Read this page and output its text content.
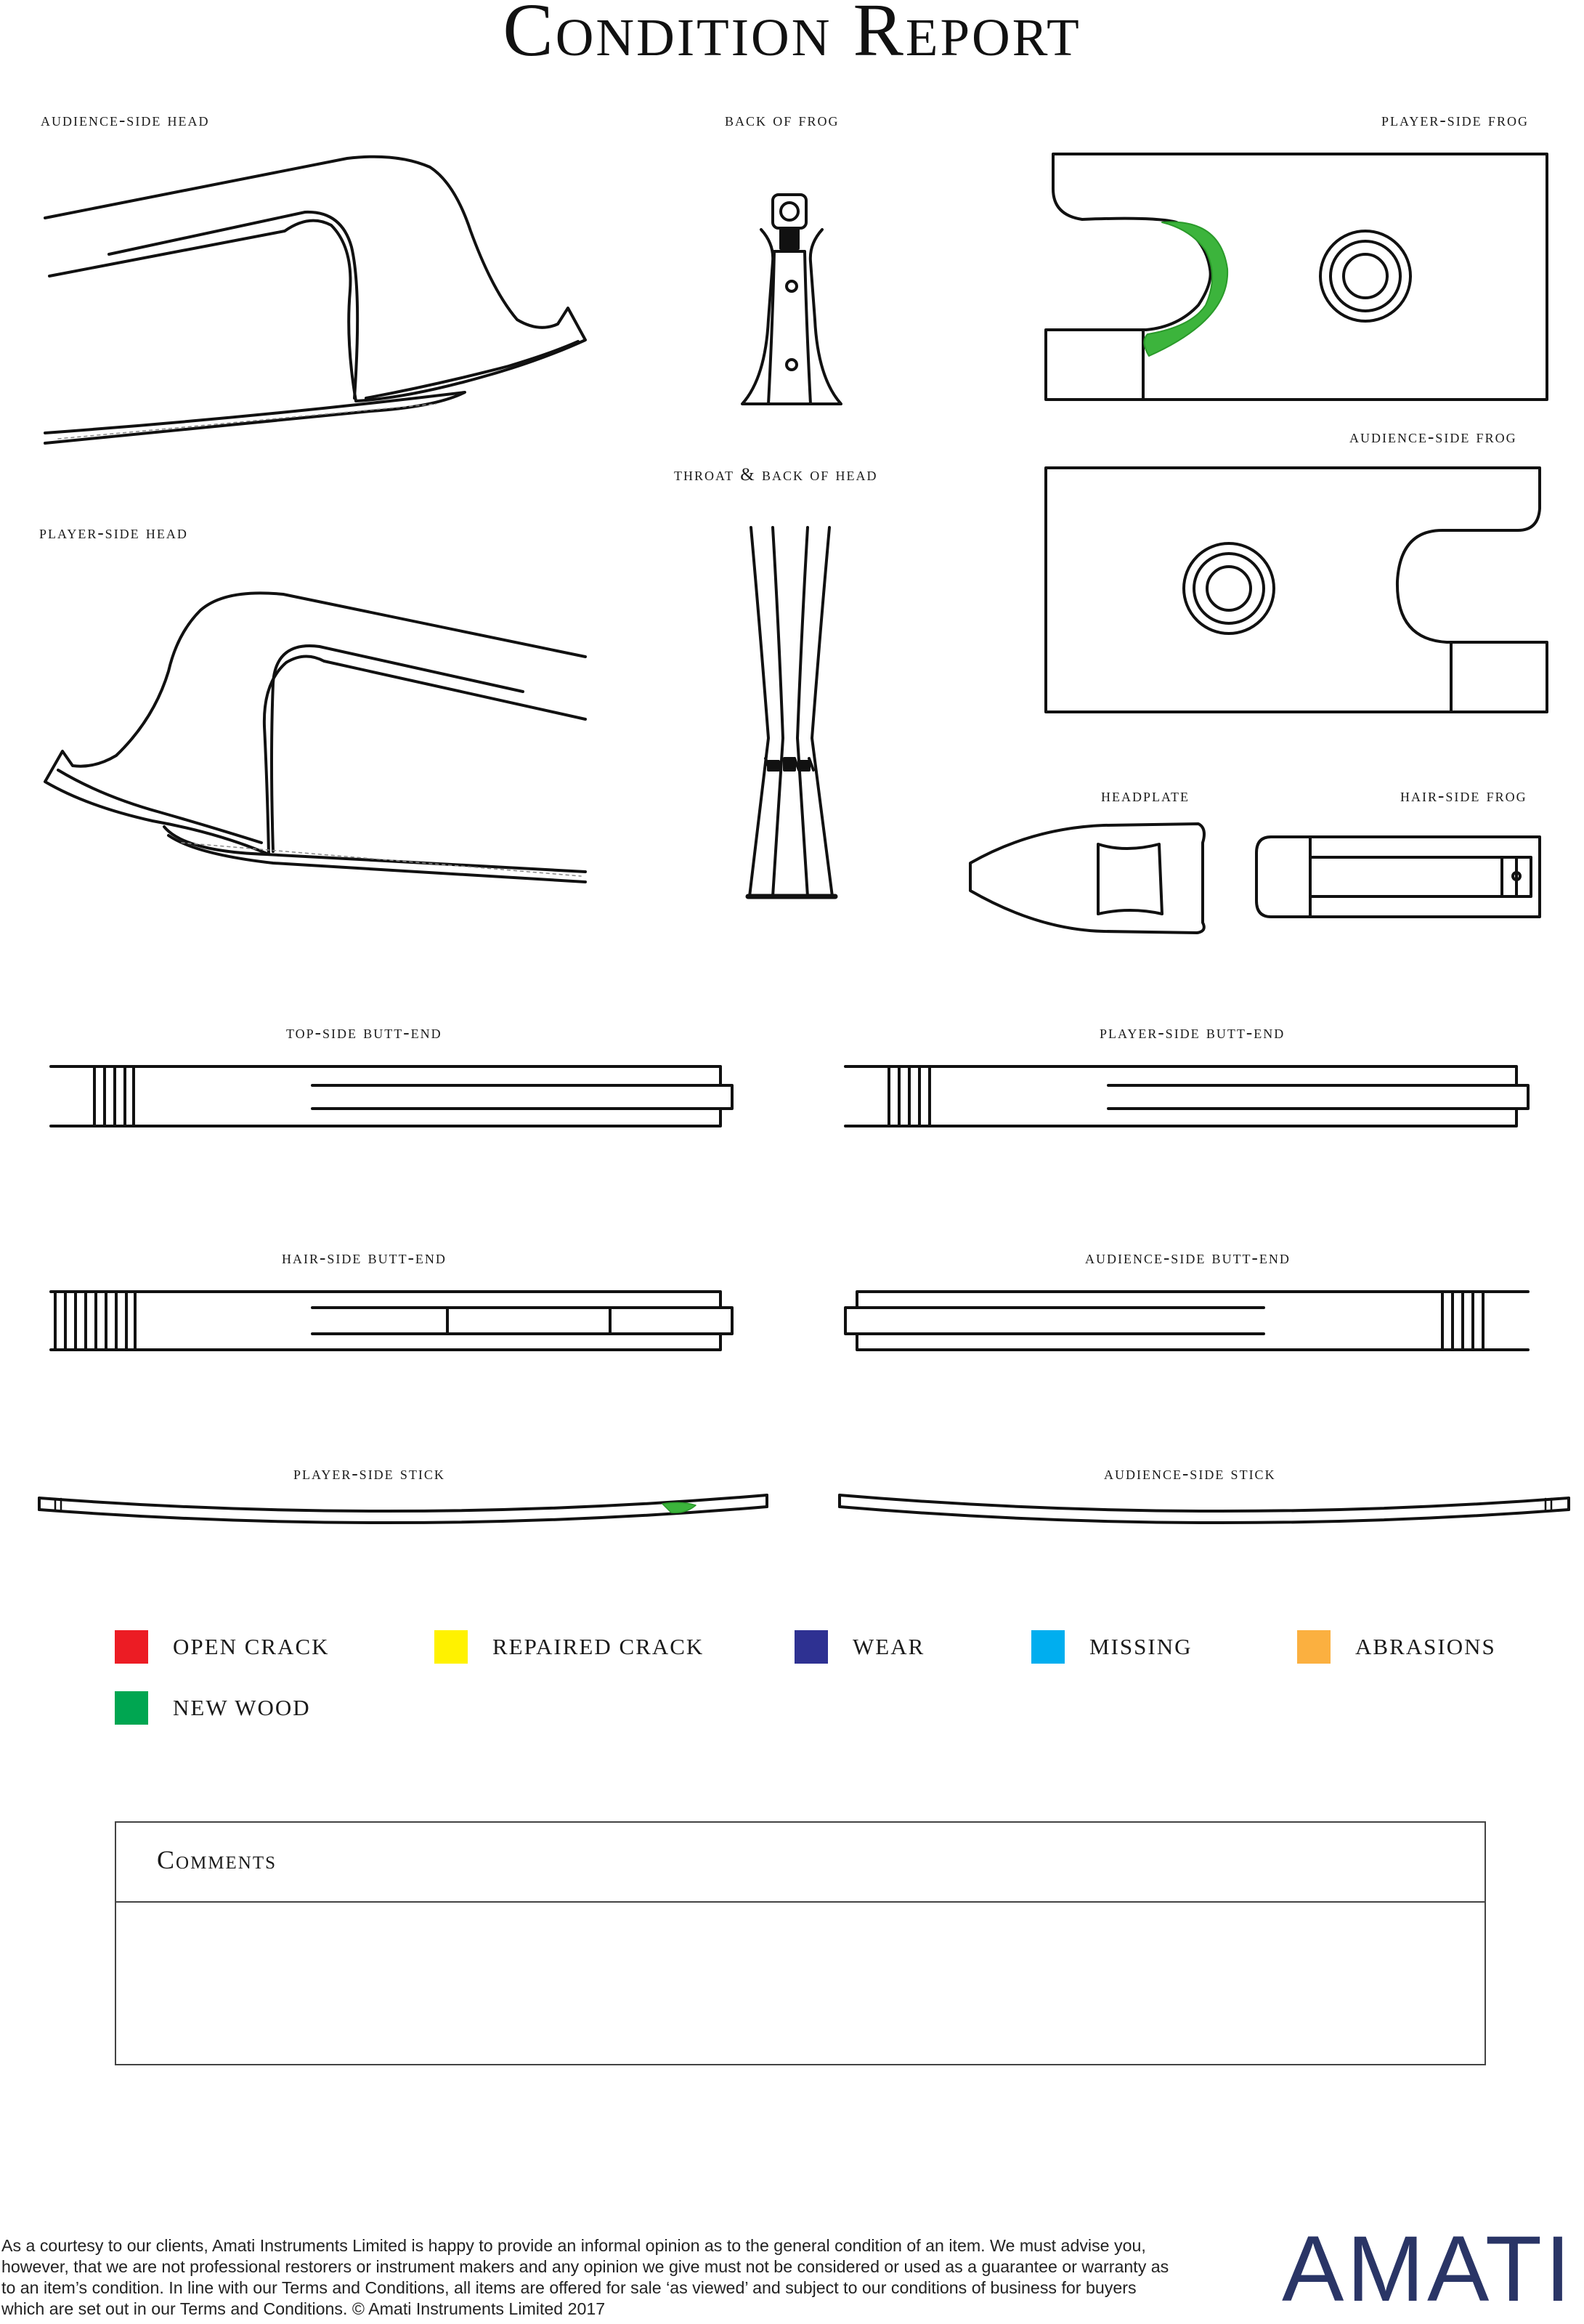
Condition Report
audience-side head	back of frog	player-side frog
throat & back of head
audience-side frog
player-side head
headplate	hair-side frog
top-side butt-end	player-side butt-end
hair-side butt-end	audience-side butt-end
player-side stick	audience-side stick
OPEN CRACK	REPAIRED CRACK	WEAR	MISSING	ABRASIONS
NEW WOOD
Comments
As a courtesy to our clients, Amati Instruments Limited is happy to provide an informal opinion as to the general condition of an item. We must advise you, however, that we are not professional restorers or instrument makers and any opinion we give must not be considered or used as a guarantee or warranty as to an item’s condition. In line with our Terms and Conditions, all items are offered for sale ‘as viewed’ and subject to our conditions of business for buyers which are set out in our Terms and Conditions. © Amati Instruments Limited 2017	AMATI
